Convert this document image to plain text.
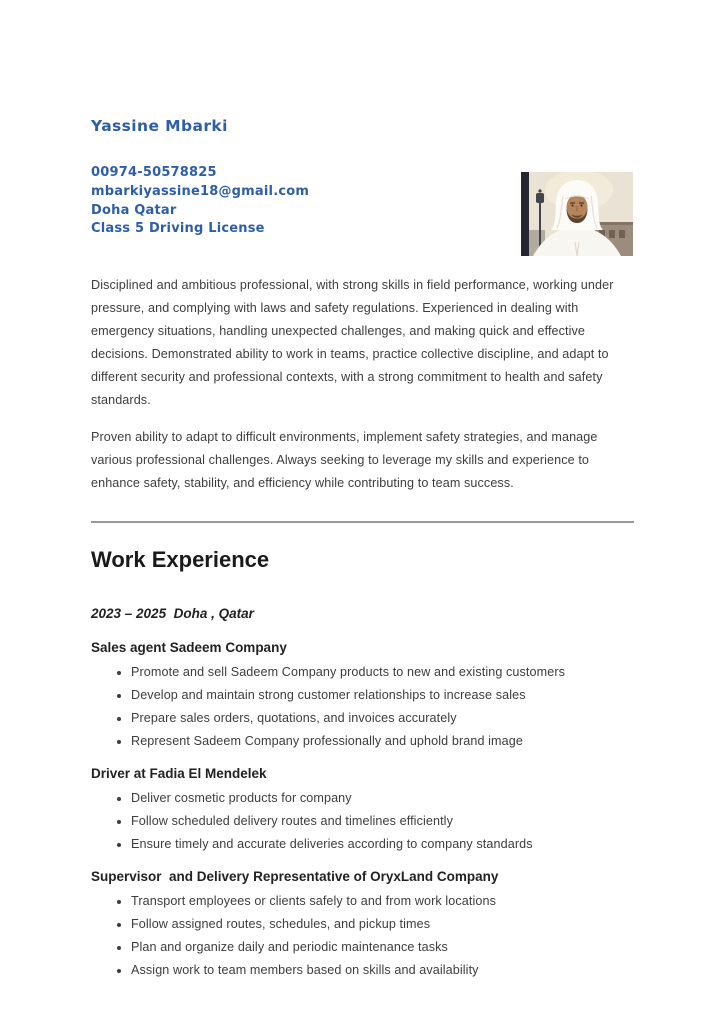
Yassine Mbarki
00974-50578825
mbarkiyassine18@gmail.com
Doha Qatar
Class 5 Driving License

Disciplined and ambitious professional, with strong skills in field performance, working under pressure, and complying with laws and safety regulations. Experienced in dealing with emergency situations, handling unexpected challenges, and making quick and effective decisions. Demonstrated ability to work in teams, practice collective discipline, and adapt to different security and professional contexts, with a strong commitment to health and safety standards.

Proven ability to adapt to difficult environments, implement safety strategies, and manage various professional challenges. Always seeking to leverage my skills and experience to enhance safety, stability, and efficiency while contributing to team success.

Work Experience
2023 – 2025  Doha , Qatar
Sales agent Sadeem Company
• Promote and sell Sadeem Company products to new and existing customers
• Develop and maintain strong customer relationships to increase sales
• Prepare sales orders, quotations, and invoices accurately
• Represent Sadeem Company professionally and uphold brand image
Driver at Fadia El Mendelek
• Deliver cosmetic products for company
• Follow scheduled delivery routes and timelines efficiently
• Ensure timely and accurate deliveries according to company standards
Supervisor  and Delivery Representative of OryxLand Company
• Transport employees or clients safely to and from work locations
• Follow assigned routes, schedules, and pickup times
• Plan and organize daily and periodic maintenance tasks
• Assign work to team members based on skills and availability
